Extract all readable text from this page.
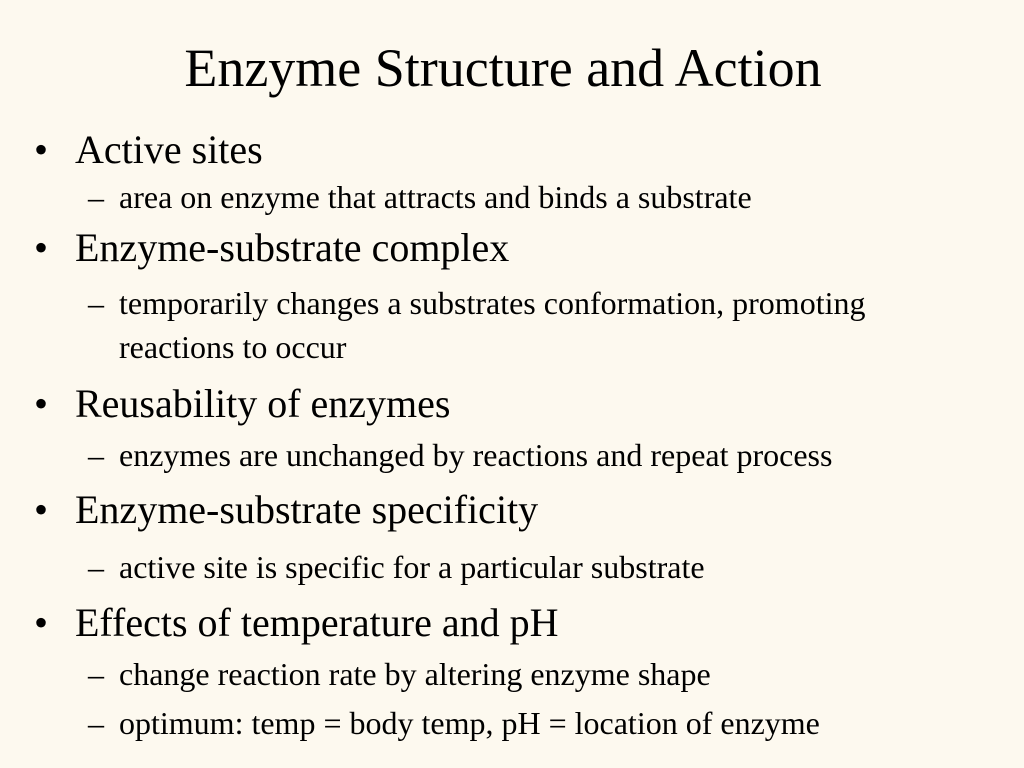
Enzyme Structure and Action
• Active sites
– area on enzyme that attracts and binds a substrate
• Enzyme-substrate complex
– temporarily changes a substrates conformation, promoting reactions to occur
• Reusability of enzymes
– enzymes are unchanged by reactions and repeat process
• Enzyme-substrate specificity
– active site is specific for a particular substrate
• Effects of temperature and pH
– change reaction rate by altering enzyme shape
– optimum: temp = body temp, pH = location of enzyme
